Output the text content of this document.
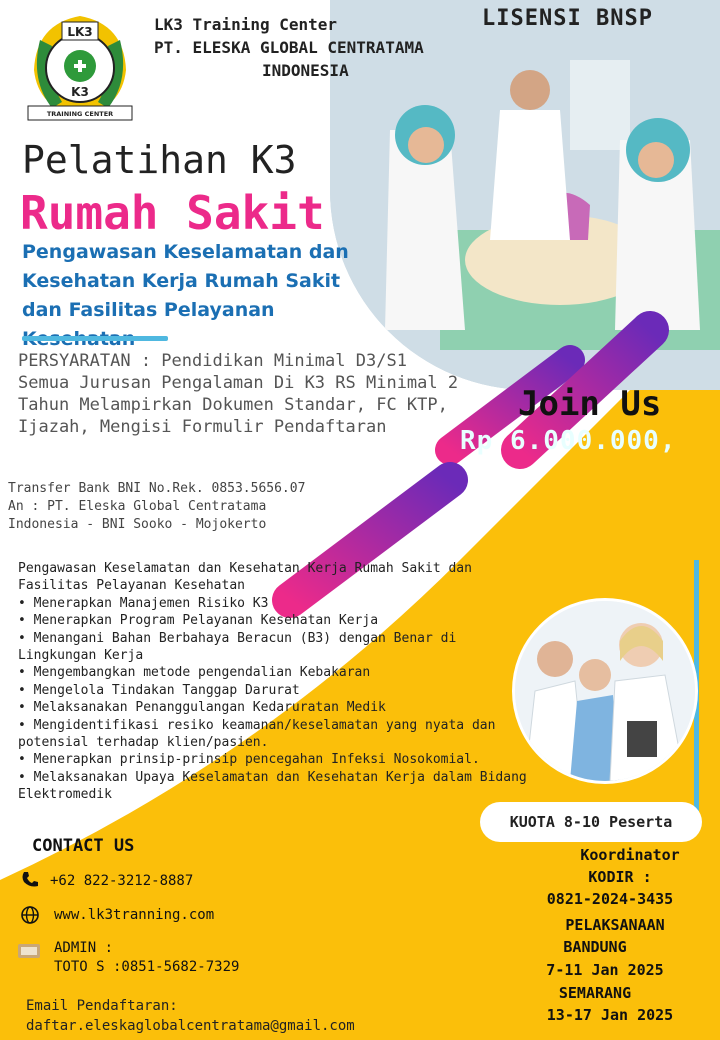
LK3
K3
TRAINING CENTER
LK3 Training Center
PT. ELESKA GLOBAL CENTRATAMA
INDONESIA
LISENSI BNSP
Pelatihan K3
Rumah Sakit
Pengawasan Keselamatan dan Kesehatan Kerja Rumah Sakit dan Fasilitas Pelayanan
PERSYARATAN : Pendidikan Minimal D3/S1 Semua Jurusan Pengalaman Di K3 RS Minimal 2 Tahun Melampirkan Dokumen Standar, FC KTP, Ijazah, Mengisi Formulir Pendaftaran
Transfer Bank BNI No.Rek. 0853.5656.07
An : PT. Eleska Global Centratama
Indonesia - BNI Sooko - Mojokerto
Join Us
Rp 6.000.000,
Pengawasan Keselamatan dan Kesehatan Kerja Rumah Sakit dan Fasilitas Pelayanan Kesehatan
• Menerapkan Manajemen Risiko K3
• Menerapkan Program Pelayanan Kesehatan Kerja
• Menangani Bahan Berbahaya Beracun (B3) dengan Benar di Lingkungan Kerja
• Mengembangkan metode pengendalian Kebakaran
• Mengelola Tindakan Tanggap Darurat
• Melaksanakan Penanggulangan Kedaruratan Medik
• Mengidentifikasi resiko keamanan/keselamatan yang nyata dan potensial terhadap klien/pasien.
• Menerapkan prinsip-prinsip pencegahan Infeksi Nosokomial.
• Melaksanakan Upaya Keselamatan dan Kesehatan Kerja dalam Bidang Elektromedik
KUOTA 8-10 Peserta
CONTACT US
+62 822-3212-8887
www.lk3tranning.com
ADMIN :
TOTO S :0851-5682-7329
Email Pendaftaran:
daftar.eleskaglobalcentratama@gmail.com
Koordinator
KODIR :
0821-2024-3435
PELAKSANAAN
BANDUNG
7-11 Jan 2025
SEMARANG
13-17 Jan 2025
